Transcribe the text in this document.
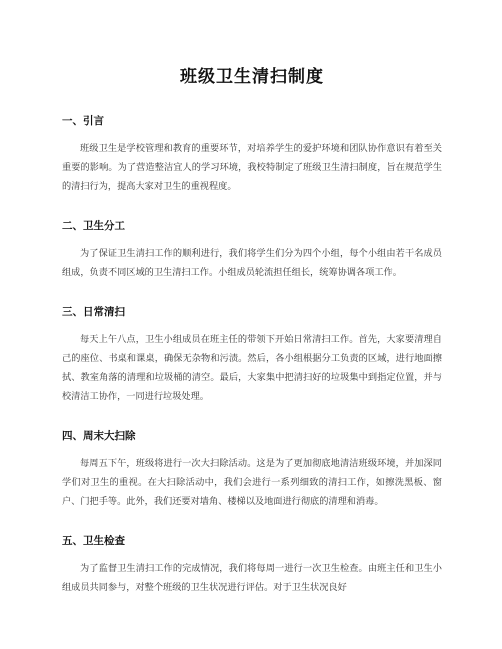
班级卫生清扫制度
一、引言

班级卫生是学校管理和教育的重要环节，对培养学生的爱护环境和团队协作意识有着至关重要的影响。为了营造整洁宜人的学习环境，我校特制定了班级卫生清扫制度，旨在规范学生的清扫行为，提高大家对卫生的重视程度。

二、卫生分工

为了保证卫生清扫工作的顺利进行，我们将学生们分为四个小组，每个小组由若干名成员组成，负责不同区域的卫生清扫工作。小组成员轮流担任组长，统筹协调各项工作。

三、日常清扫

每天上午八点，卫生小组成员在班主任的带领下开始日常清扫工作。首先，大家要清理自己的座位、书桌和课桌，确保无杂物和污渍。然后，各小组根据分工负责的区域，进行地面擦拭、教室角落的清理和垃圾桶的清空。最后，大家集中把清扫好的垃圾集中到指定位置，并与校清洁工协作，一同进行垃圾处理。

四、周末大扫除

每周五下午，班级将进行一次大扫除活动。这是为了更加彻底地清洁班级环境，并加深同学们对卫生的重视。在大扫除活动中，我们会进行一系列细致的清扫工作，如擦洗黑板、窗户、门把手等。此外，我们还要对墙角、楼梯以及地面进行彻底的清理和消毒。

五、卫生检查

为了监督卫生清扫工作的完成情况，我们将每周一进行一次卫生检查。由班主任和卫生小组成员共同参与，对整个班级的卫生状况进行评估。对于卫生状况良好
